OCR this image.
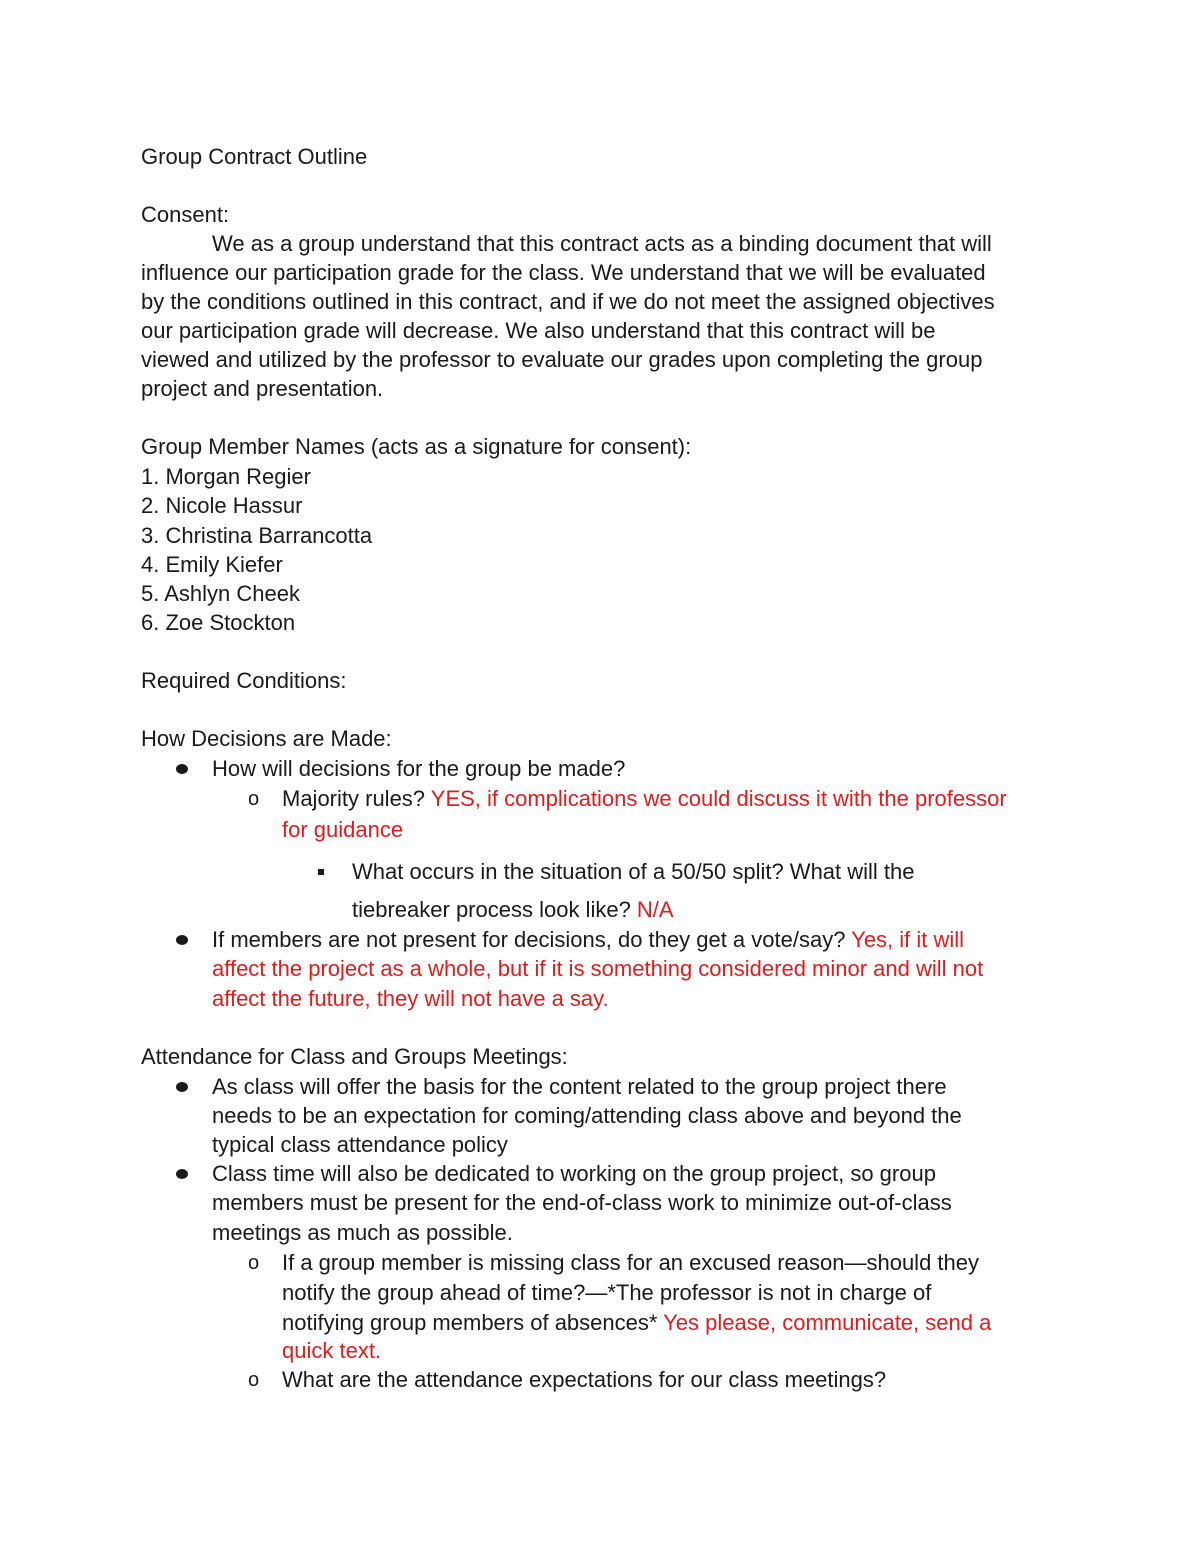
Group Contract Outline
Consent:
We as a group understand that this contract acts as a binding document that will
influence our participation grade for the class. We understand that we will be evaluated
by the conditions outlined in this contract, and if we do not meet the assigned objectives
our participation grade will decrease. We also understand that this contract will be
viewed and utilized by the professor to evaluate our grades upon completing the group
project and presentation.
Group Member Names (acts as a signature for consent):
1. Morgan Regier
2. Nicole Hassur
3. Christina Barrancotta
4. Emily Kiefer
5. Ashlyn Cheek
6. Zoe Stockton
Required Conditions:
How Decisions are Made:
How will decisions for the group be made?
o Majority rules? YES, if complications we could discuss it with the professor
for guidance
What occurs in the situation of a 50/50 split? What will the
tiebreaker process look like? N/A
If members are not present for decisions, do they get a vote/say? Yes, if it will
affect the project as a whole, but if it is something considered minor and will not
affect the future, they will not have a say.
Attendance for Class and Groups Meetings:
As class will offer the basis for the content related to the group project there
needs to be an expectation for coming/attending class above and beyond the
typical class attendance policy
Class time will also be dedicated to working on the group project, so group
members must be present for the end-of-class work to minimize out-of-class
meetings as much as possible.
o If a group member is missing class for an excused reason—should they
notify the group ahead of time?—*The professor is not in charge of
notifying group members of absences* Yes please, communicate, send a
quick text.
o What are the attendance expectations for our class meetings?
